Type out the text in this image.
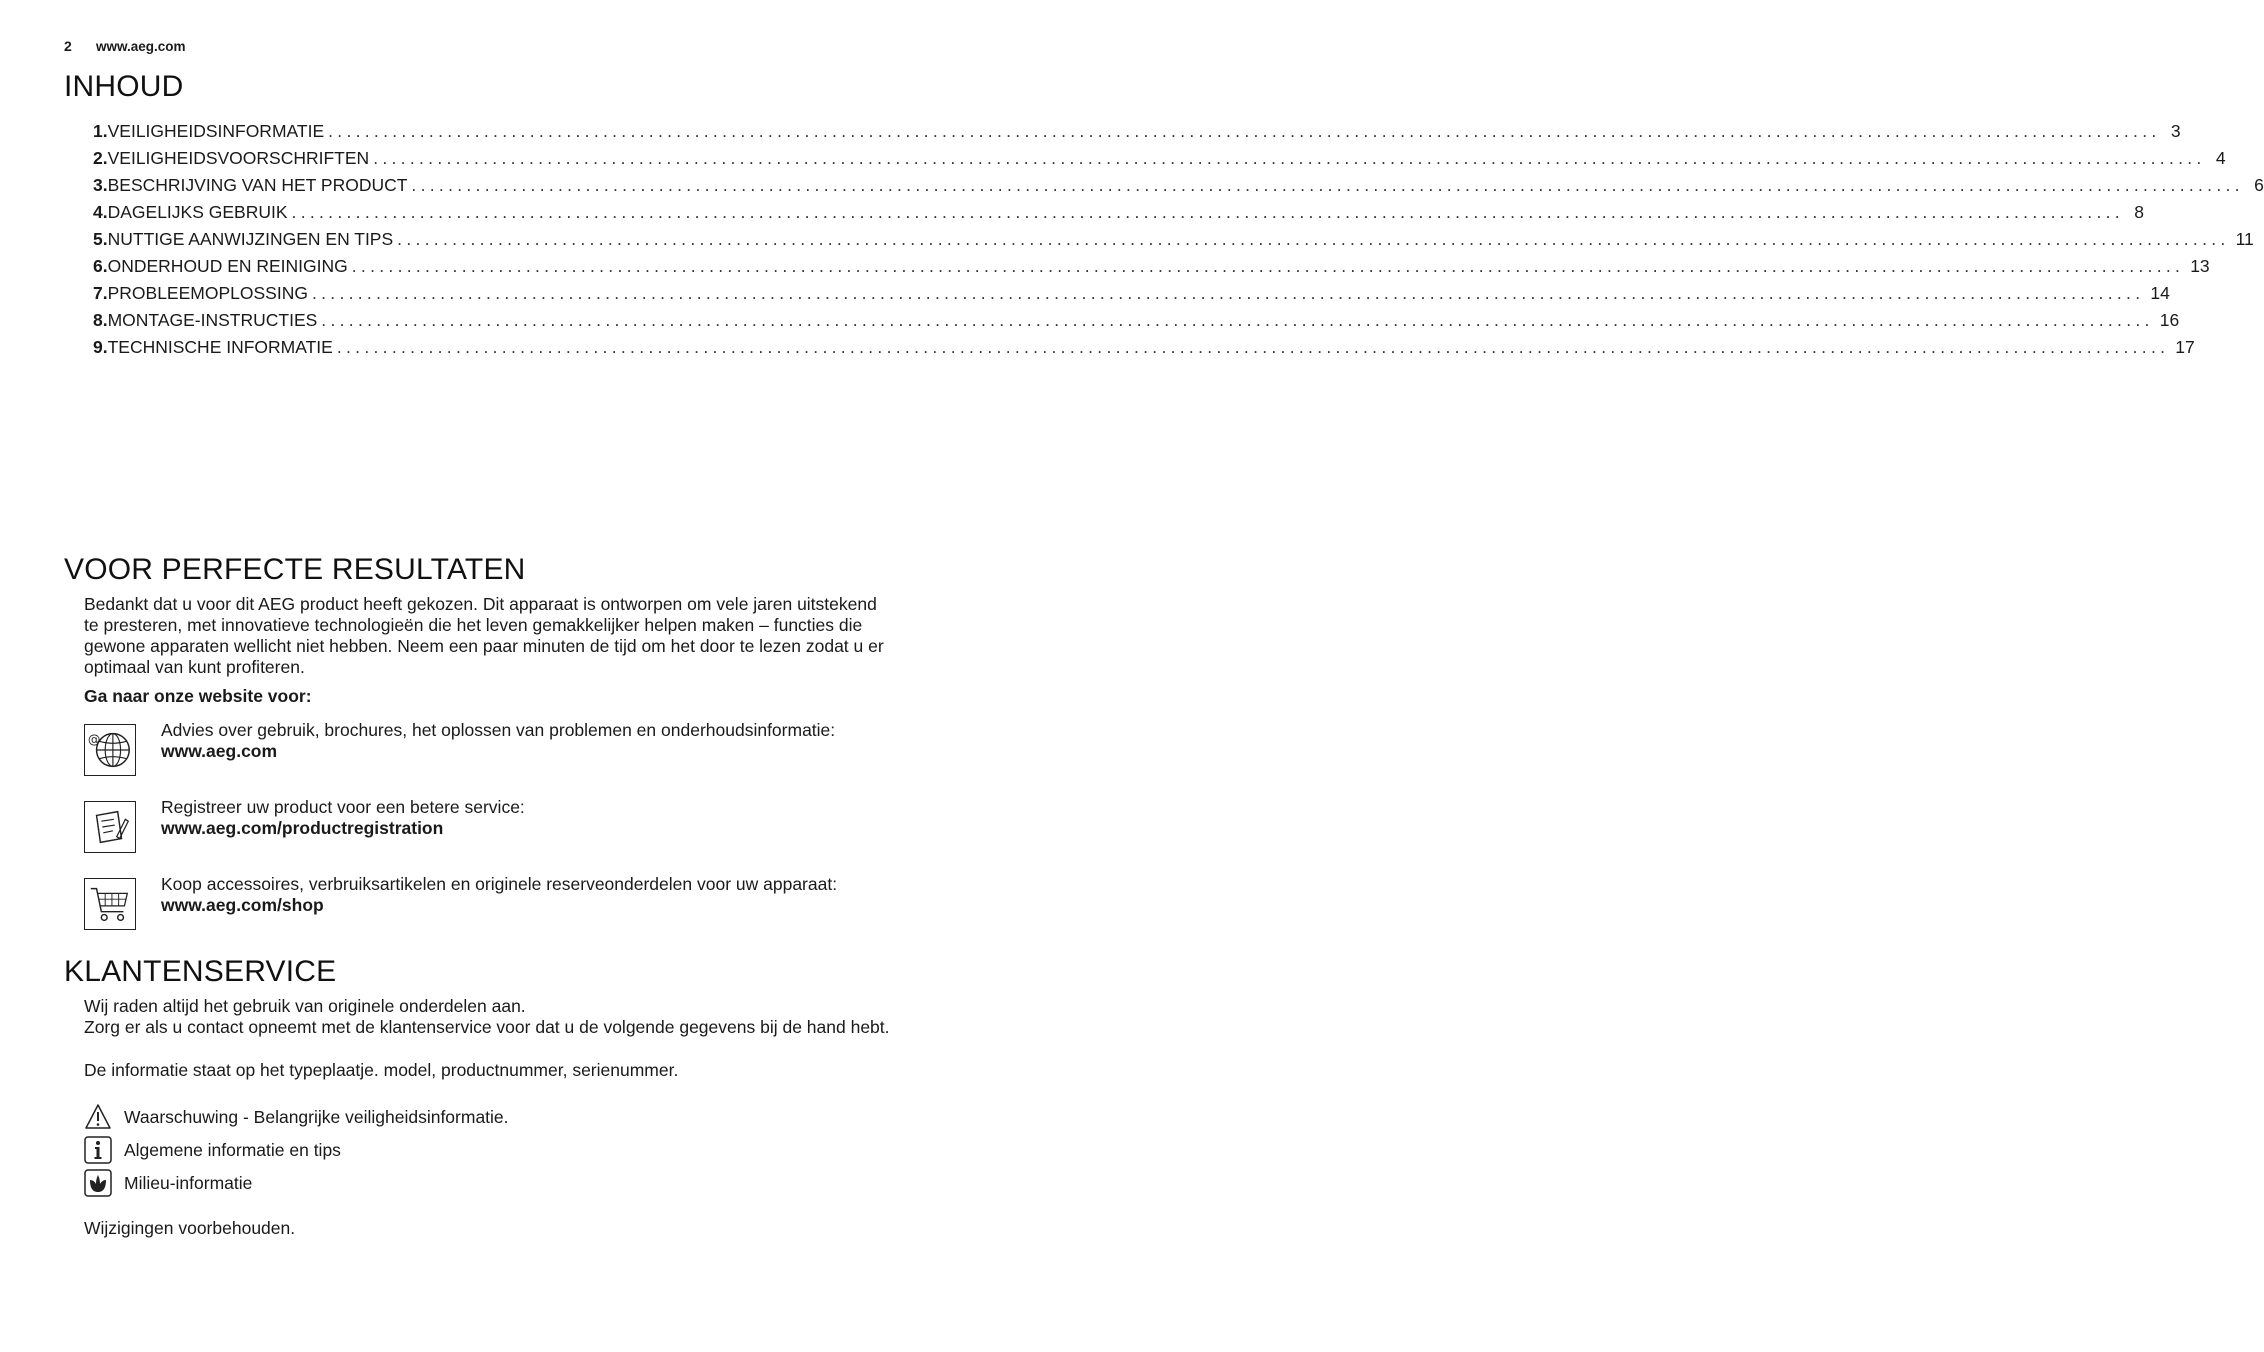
2 www.aeg.com
INHOUD
1. VEILIGHEIDSINFORMATIE ........................................................................................................................................................................................................ 3
2. VEILIGHEIDSVOORSCHRIFTEN ........................................................................................................................................................................................................ 4
3. BESCHRIJVING VAN HET PRODUCT ........................................................................................................................................................................................................ 6
4. DAGELIJKS GEBRUIK ........................................................................................................................................................................................................ 8
5. NUTTIGE AANWIJZINGEN EN TIPS ........................................................................................................................................................................................................ 11
6. ONDERHOUD EN REINIGING ........................................................................................................................................................................................................ 13
7. PROBLEEMOPLOSSING ........................................................................................................................................................................................................ 14
8. MONTAGE-INSTRUCTIES ........................................................................................................................................................................................................ 16
9. TECHNISCHE INFORMATIE ........................................................................................................................................................................................................ 17
VOOR PERFECTE RESULTATEN

Bedankt dat u voor dit AEG product heeft gekozen. Dit apparaat is ontworpen om vele jaren uitstekend te presteren, met innovatieve technologieën die het leven gemakkelijker helpen maken – functies die gewone apparaten wellicht niet hebben. Neem een paar minuten de tijd om het door te lezen zodat u er optimaal van kunt profiteren.

Ga naar onze website voor:

@	Advies over gebruik, brochures, het oplossen van problemen en onderhoudsinformatie:
www.aeg.com
Registreer uw product voor een betere service:
www.aeg.com/productregistration
Koop accessoires, verbruiksartikelen en originele reserveonderdelen voor uw apparaat:
www.aeg.com/shop
KLANTENSERVICE

Wij raden altijd het gebruik van originele onderdelen aan.

Zorg er als u contact opneemt met de klantenservice voor dat u de volgende gegevens bij de hand hebt.

De informatie staat op het typeplaatje. model, productnummer, serienummer.

Waarschuwing - Belangrijke veiligheidsinformatie.
Algemene informatie en tips
Milieu-informatie

Wijzigingen voorbehouden.
